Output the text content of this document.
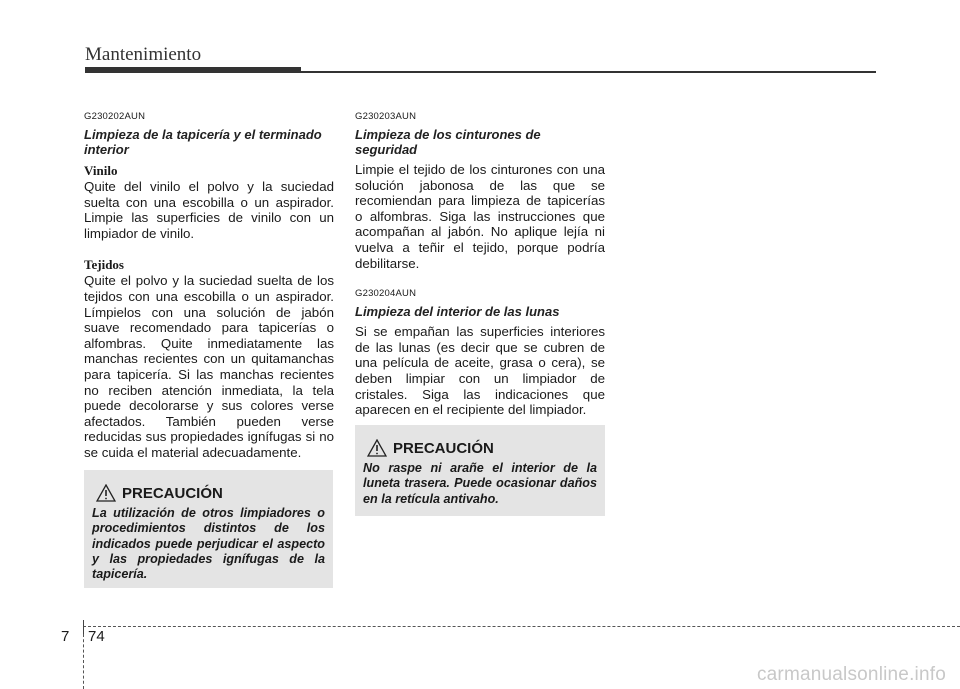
Mantenimiento
G230202AUN
Limpieza de la tapicería y el terminado interior
Vinilo
Quite del vinilo el polvo y la suciedad suelta con una escobilla o un aspirador. Limpie las superficies de vinilo con un limpiador de vinilo.
Tejidos
Quite el polvo y la suciedad suelta de los tejidos con una escobilla o un aspirador. Límpielos con una solución de jabón suave recomendado para tapicerías o alfombras. Quite inmediatamente las manchas recientes con un quitamanchas para tapicería. Si las manchas recientes no reciben atención inmediata, la tela puede decolorarse y sus colores verse afectados. También pueden verse reducidas sus propiedades ignífugas si no se cuida el material adecuadamente.
PRECAUCIÓN
La utilización de otros limpiadores o procedimientos distintos de los indicados puede perjudicar el aspecto y las propiedades ignífugas de la tapicería.
G230203AUN
Limpieza de los cinturones de seguridad
Limpie el tejido de los cinturones con una solución jabonosa de las que se recomiendan para limpieza de tapicerías o alfombras. Siga las instrucciones que acompañan al jabón. No aplique lejía ni vuelva a teñir el tejido, porque podría debilitarse.
G230204AUN
Limpieza del interior de las lunas
Si se empañan las superficies interiores de las lunas (es decir que se cubren de una película de aceite, grasa o cera), se deben limpiar con un limpiador de cristales. Siga las indicaciones que aparecen en el recipiente del limpiador.
PRECAUCIÓN
No raspe ni arañe el interior de la luneta trasera. Puede ocasionar daños en la retícula antivaho.
7 74
carmanualsonline.info
